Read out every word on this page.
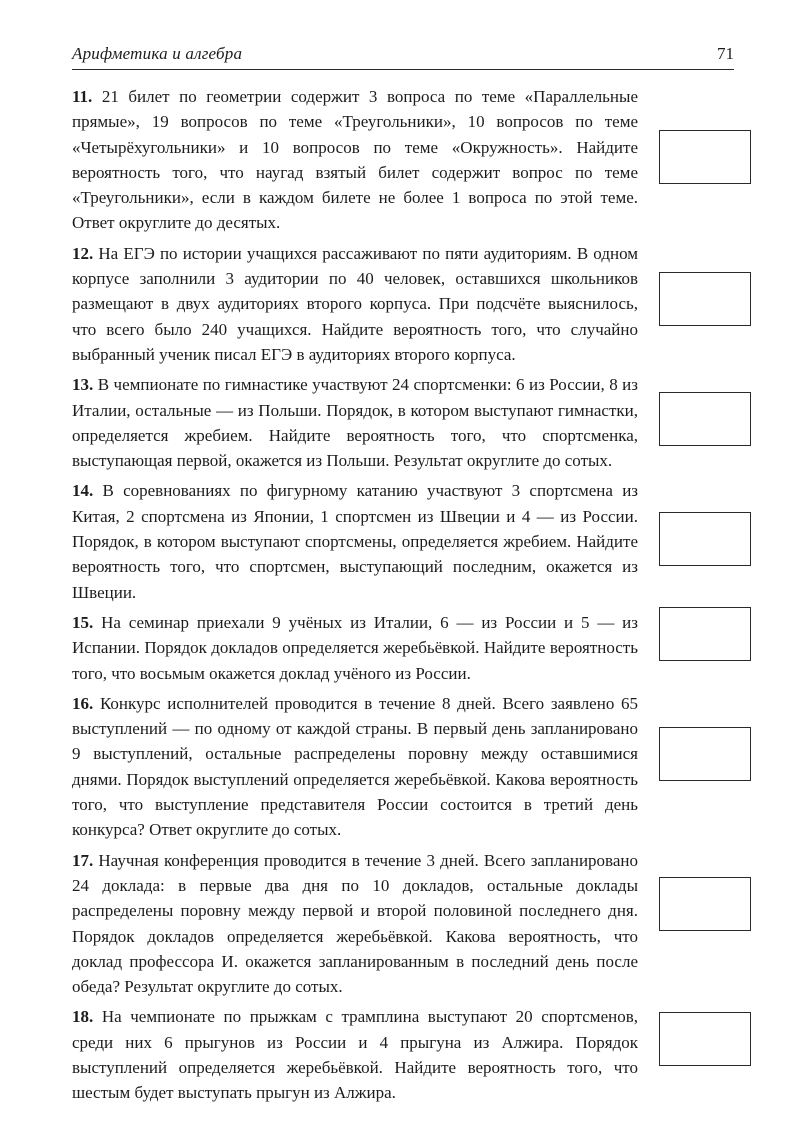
Арифметика и алгебра	71

11. 21 билет по геометрии содержит 3 вопроса по теме «Параллельные прямые», 19 вопросов по теме «Треугольники», 10 вопросов по теме «Четырёхугольники» и 10 вопросов по теме «Окружность». Найдите вероятность того, что наугад взятый билет содержит вопрос по теме «Треугольники», если в каждом билете не более 1 вопроса по этой теме. Ответ округлите до десятых.

12. На ЕГЭ по истории учащихся рассаживают по пяти аудиториям. В одном корпусе заполнили 3 аудитории по 40 человек, оставшихся школьников размещают в двух аудиториях второго корпуса. При подсчёте выяснилось, что всего было 240 учащихся. Найдите вероятность того, что случайно выбранный ученик писал ЕГЭ в аудиториях второго корпуса.

13. В чемпионате по гимнастике участвуют 24 спортсменки: 6 из России, 8 из Италии, остальные — из Польши. Порядок, в котором выступают гимнастки, определяется жребием. Найдите вероятность того, что спортсменка, выступающая первой, окажется из Польши. Результат округлите до сотых.

14. В соревнованиях по фигурному катанию участвуют 3 спортсмена из Китая, 2 спортсмена из Японии, 1 спортсмен из Швеции и 4 — из России. Порядок, в котором выступают спортсмены, определяется жребием. Найдите вероятность того, что спортсмен, выступающий последним, окажется из Швеции.

15. На семинар приехали 9 учёных из Италии, 6 — из России и 5 — из Испании. Порядок докладов определяется жеребьёвкой. Найдите вероятность того, что восьмым окажется доклад учёного из России.

16. Конкурс исполнителей проводится в течение 8 дней. Всего заявлено 65 выступлений — по одному от каждой страны. В первый день запланировано 9 выступлений, остальные распределены поровну между оставшимися днями. Порядок выступлений определяется жеребьёвкой. Какова вероятность того, что выступление представителя России состоится в третий день конкурса? Ответ округлите до сотых.

17. Научная конференция проводится в течение 3 дней. Всего запланировано 24 доклада: в первые два дня по 10 докладов, остальные доклады распределены поровну между первой и второй половиной последнего дня. Порядок докладов определяется жеребьёвкой. Какова вероятность, что доклад профессора И. окажется запланированным в последний день после обеда? Результат округлите до сотых.

18. На чемпионате по прыжкам с трамплина выступают 20 спортсменов, среди них 6 прыгунов из России и 4 прыгуна из Алжира. Порядок выступлений определяется жеребьёвкой. Найдите вероятность того, что шестым будет выступать прыгун из Алжира.
